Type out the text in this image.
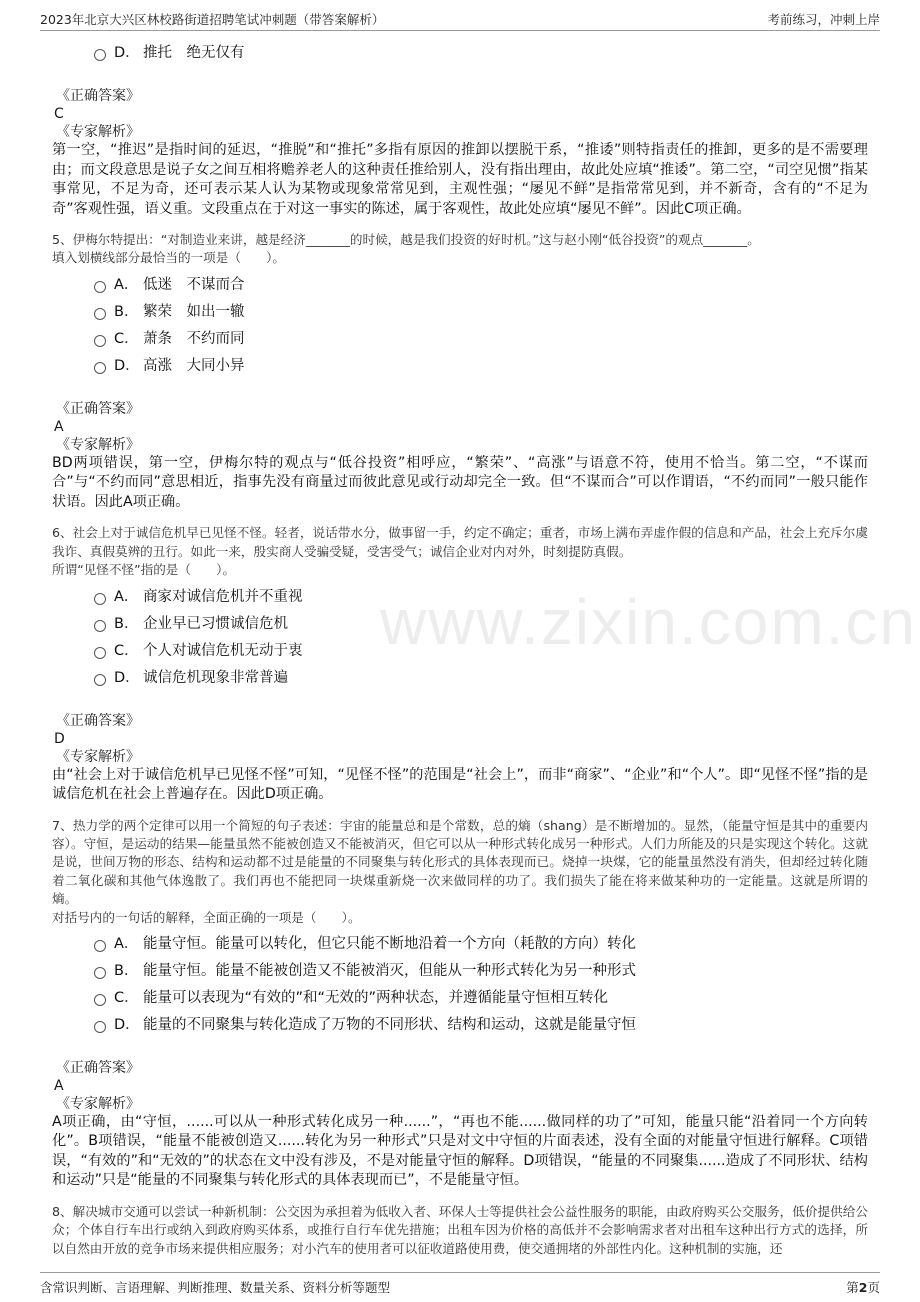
2023年北京大兴区林校路街道招聘笔试冲刺题（带答案解析）	考前练习，冲刺上岸
www.zixin.com.cn
D． 推托　绝无仅有
《正确答案》
C
《专家解析》

第一空，“推迟”是指时间的延迟，“推脱”和“推托”多指有原因的推卸以摆脱干系，“推诿”则特指责任的推卸，更多的是不需要理由；而文段意思是说子女之间互相将赡养老人的这种责任推给别人，没有指出理由，故此处应填“推诿”。第二空，“司空见惯”指某事常见，不足为奇，还可表示某人认为某物或现象常常见到，主观性强；“屡见不鲜”是指常常见到，并不新奇，含有的“不足为奇”客观性强，语义重。文段重点在于对这一事实的陈述，属于客观性，故此处应填“屡见不鲜”。因此C项正确。

5、伊梅尔特提出：“对制造业来讲，越是经济_______的时候，越是我们投资的好时机。”这与赵小刚“低谷投资”的观点_______。

填入划横线部分最恰当的一项是（　　）。

A． 低迷　不谋而合
B． 繁荣　如出一辙
C． 萧条　不约而同
D． 高涨　大同小异
《正确答案》
A
《专家解析》

BD两项错误，第一空，伊梅尔特的观点与“低谷投资”相呼应，“繁荣”、“高涨”与语意不符，使用不恰当。第二空，“不谋而合”与“不约而同”意思相近，指事先没有商量过而彼此意见或行动却完全一致。但“不谋而合”可以作谓语，“不约而同”一般只能作状语。因此A项正确。

6、社会上对于诚信危机早已见怪不怪。轻者，说话带水分，做事留一手，约定不确定；重者，市场上满布弄虚作假的信息和产品，社会上充斥尔虞我诈、真假莫辨的丑行。如此一来，殷实商人受骗受疑，受害受气；诚信企业对内对外，时刻提防真假。

所谓“见怪不怪”指的是（　　）。

A． 商家对诚信危机并不重视
B． 企业早已习惯诚信危机
C． 个人对诚信危机无动于衷
D． 诚信危机现象非常普遍
《正确答案》
D
《专家解析》

由“社会上对于诚信危机早已见怪不怪”可知，“见怪不怪”的范围是“社会上”，而非“商家”、“企业”和“个人”。即“见怪不怪”指的是诚信危机在社会上普遍存在。因此D项正确。

7、热力学的两个定律可以用一个简短的句子表述：宇宙的能量总和是个常数，总的熵（shang）是不断增加的。显然，（能量守恒是其中的重要内容）。守恒，是运动的结果—能量虽然不能被创造又不能被消灭，但它可以从一种形式转化成另一种形式。人们力所能及的只是实现这个转化。这就是说，世间万物的形态、结构和运动都不过是能量的不同聚集与转化形式的具体表现而已。烧掉一块煤，它的能量虽然没有消失，但却经过转化随着二氧化碳和其他气体逸散了。我们再也不能把同一块煤重新烧一次来做同样的功了。我们损失了能在将来做某种功的一定能量。这就是所谓的熵。

对括号内的一句话的解释，全面正确的一项是（　　）。

A． 能量守恒。能量可以转化，但它只能不断地沿着一个方向（耗散的方向）转化
B． 能量守恒。能量不能被创造又不能被消灭，但能从一种形式转化为另一种形式
C． 能量可以表现为“有效的”和“无效的”两种状态，并遵循能量守恒相互转化
D． 能量的不同聚集与转化造成了万物的不同形状、结构和运动，这就是能量守恒
《正确答案》
A
《专家解析》

A项正确，由“守恒，......可以从一种形式转化成另一种......”，“再也不能......做同样的功了”可知，能量只能“沿着同一个方向转化”。B项错误，“能量不能被创造又......转化为另一种形式”只是对文中守恒的片面表述，没有全面的对能量守恒进行解释。C项错误，“有效的”和“无效的”的状态在文中没有涉及，不是对能量守恒的解释。D项错误，“能量的不同聚集......造成了不同形状、结构和运动”只是“能量的不同聚集与转化形式的具体表现而已”，不是能量守恒。

8、解决城市交通可以尝试一种新机制：公交因为承担着为低收入者、环保人士等提供社会公益性服务的职能，由政府购买公交服务，低价提供给公众；个体自行车出行或纳入到政府购买体系，或推行自行车优先措施；出租车因为价格的高低并不会影响需求者对出租车这种出行方式的选择，所以自然由开放的竞争市场来提供相应服务；对小汽车的使用者可以征收道路使用费，使交通拥堵的外部性内化。这种机制的实施，还

含常识判断、言语理解、判断推理、数量关系、资料分析等题型	第2页
